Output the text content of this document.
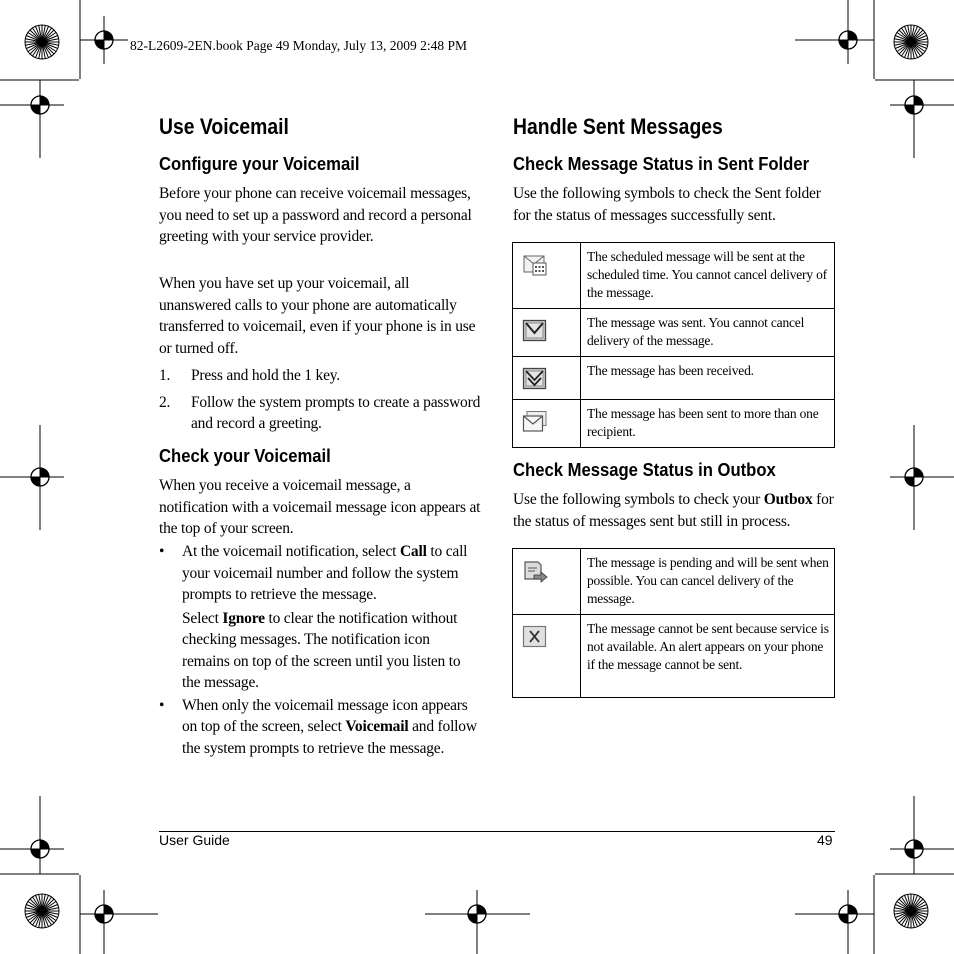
82-L2609-2EN.book Page 49 Monday, July 13, 2009 2:48 PM
Use Voicemail
Configure your Voicemail

Before your phone can receive voicemail messages, you need to set up a password and record a personal greeting with your service provider.

When you have set up your voicemail, all unanswered calls to your phone are automatically transferred to voicemail, even if your phone is in use or turned off.

1. Press and hold the 1 key.
2. Follow the system prompts to create a password and record a greeting.
Check your Voicemail

When you receive a voicemail message, a notification with a voicemail message icon appears at the top of your screen.

• At the voicemail notification, select Call to call your voicemail number and follow the system prompts to retrieve the message.
Select Ignore to clear the notification without checking messages. The notification icon remains on top of the screen until you listen to the message.
• When only the voicemail message icon appears on top of the screen, select Voicemail and follow the system prompts to retrieve the message.
Handle Sent Messages
Check Message Status in Sent Folder

Use the following symbols to check the Sent folder for the status of messages successfully sent.

	The scheduled message will be sent at the scheduled time. You cannot cancel delivery of the message.

	The message was sent. You cannot cancel delivery of the message.

	The message has been received.

	The message has been sent to more than one recipient.
Check Message Status in Outbox

Use the following symbols to check your Outbox for the status of messages sent but still in process.

	The message is pending and will be sent when possible. You can cancel delivery of the message.

	The message cannot be sent because service is not available. An alert appears on your phone if the message cannot be sent.
User Guide	49
